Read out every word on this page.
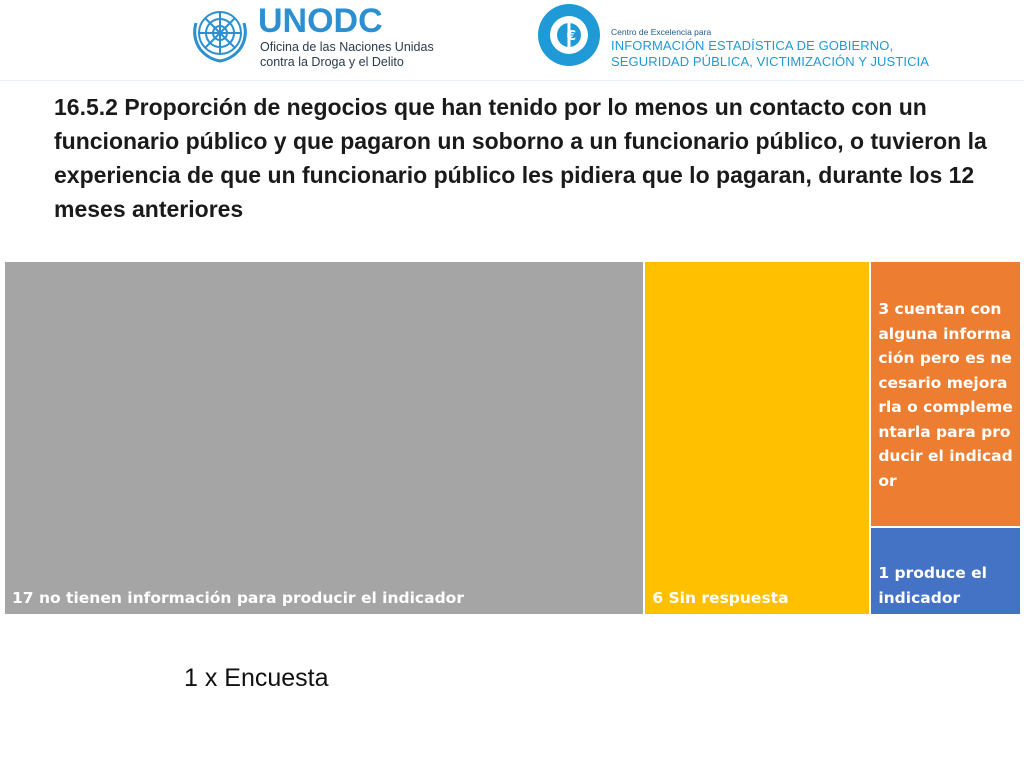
UNODC
Oficina de las Naciones Unidas
contra la Droga y el Delito
€	Centro de Excelencia para
INFORMACIÓN ESTADÍSTICA DE GOBIERNO,
SEGURIDAD PÚBLICA, VICTIMIZACIÓN Y JUSTICIA
16.5.2 Proporción de negocios que han tenido por lo menos un contacto con un funcionario público y que pagaron un soborno a un funcionario público, o tuvieron la experiencia de que un funcionario público les pidiera que lo pagaran, durante los 12 meses anteriores
17 no tienen información para producir el indicador	6 Sin respuesta
3 cuentan con alguna información pero es necesario mejorarla o complementarla para producir el indicador
1 produce el indicador
1 x Encuesta
